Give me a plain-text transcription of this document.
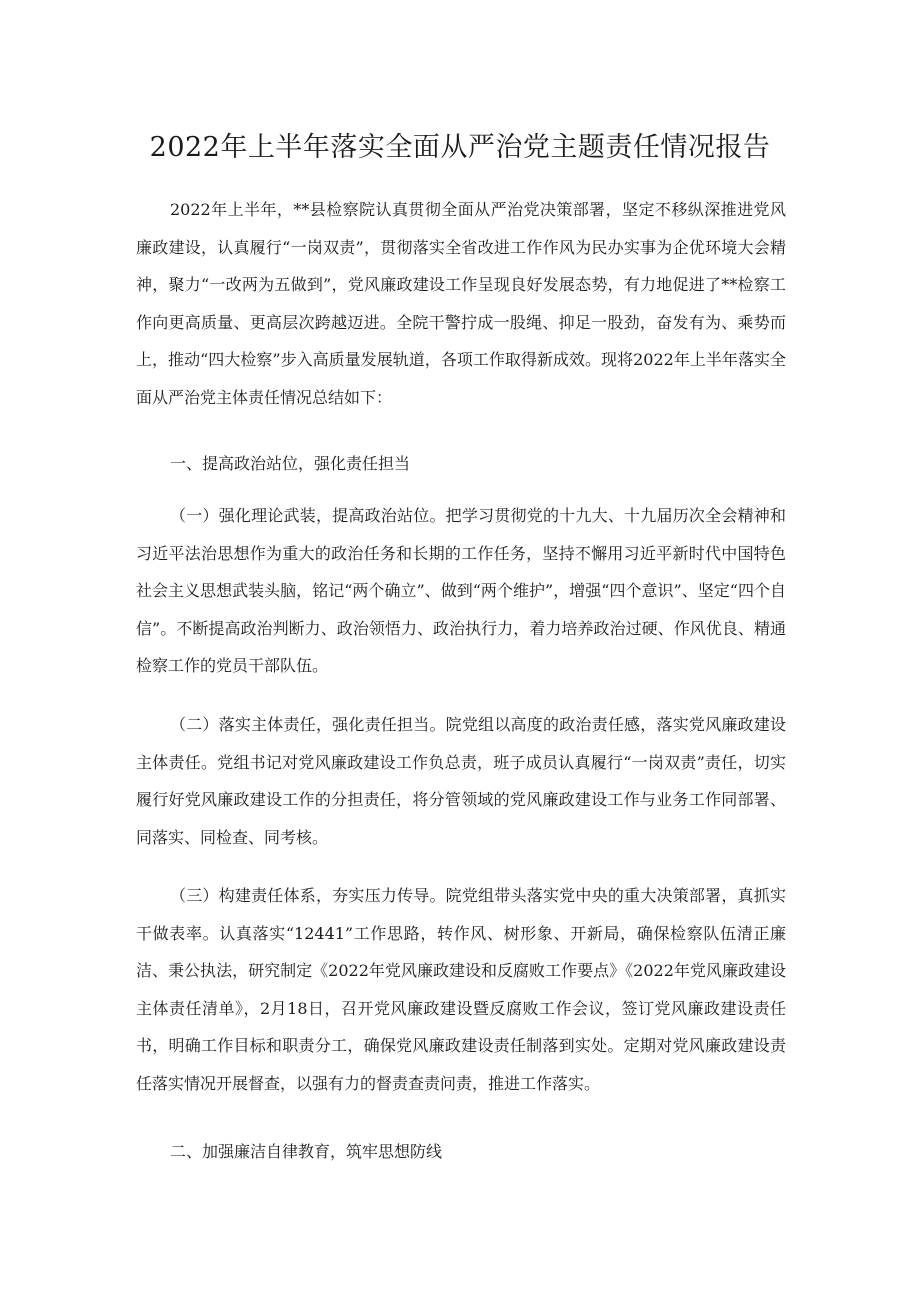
2022年上半年落实全面从严治党主题责任情况报告

2022年上半年，**县检察院认真贯彻全面从严治党决策部署，坚定不移纵深推进党风廉政建设，认真履行“一岗双责”，贯彻落实全省改进工作作风为民办实事为企优环境大会精神，聚力“一改两为五做到”，党风廉政建设工作呈现良好发展态势，有力地促进了**检察工作向更高质量、更高层次跨越迈进。全院干警拧成一股绳、抑足一股劲，奋发有为、乘势而上，推动“四大检察”步入高质量发展轨道，各项工作取得新成效。现将2022年上半年落实全面从严治党主体责任情况总结如下：

一、提高政治站位，强化责任担当

（一）强化理论武装，提高政治站位。把学习贯彻党的十九大、十九届历次全会精神和习近平法治思想作为重大的政治任务和长期的工作任务，坚持不懈用习近平新时代中国特色社会主义思想武装头脑，铭记“两个确立”、做到“两个维护”，增强“四个意识”、坚定“四个自信”。不断提高政治判断力、政治领悟力、政治执行力，着力培养政治过硬、作风优良、精通检察工作的党员干部队伍。

（二）落实主体责任，强化责任担当。院党组以高度的政治责任感，落实党风廉政建设主体责任。党组书记对党风廉政建设工作负总责，班子成员认真履行“一岗双责”责任，切实履行好党风廉政建设工作的分担责任，将分管领域的党风廉政建设工作与业务工作同部署、同落实、同检查、同考核。

（三）构建责任体系，夯实压力传导。院党组带头落实党中央的重大决策部署，真抓实干做表率。认真落实“12441”工作思路，转作风、树形象、开新局，确保检察队伍清正廉洁、秉公执法，研究制定《2022年党风廉政建设和反腐败工作要点》《2022年党风廉政建设主体责任清单》，2月18日，召开党风廉政建设暨反腐败工作会议，签订党风廉政建设责任书，明确工作目标和职责分工，确保党风廉政建设责任制落到实处。定期对党风廉政建设责任落实情况开展督查，以强有力的督责查责问责，推进工作落实。

二、加强廉洁自律教育，筑牢思想防线
